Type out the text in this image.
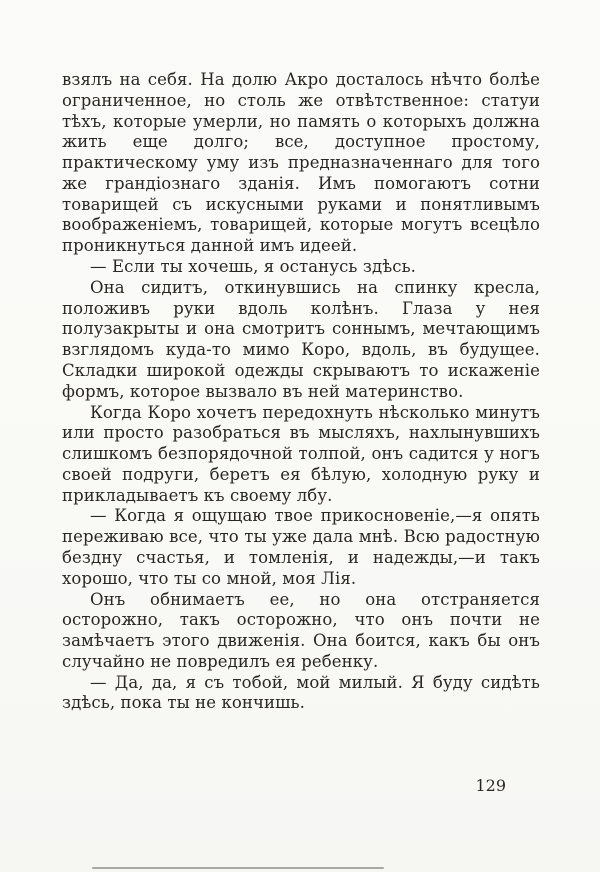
взялъ на себя. На долю Акро досталось нѣчто болѣе ограниченное, но столь же отвѣтственное: статуи тѣхъ, которые умерли, но память о которыхъ должна жить еще долго; все, доступное простому, практическому уму изъ предназначеннаго для того же грандіознаго зданія. Имъ помогаютъ сотни товарищей съ искусными руками и понятливымъ воображеніемъ, товарищей, которые могутъ всецѣло проникнуться данной имъ идеей.

— Если ты хочешь, я останусь здѣсь.

Она сидитъ, откинувшись на спинку кресла, положивъ руки вдоль колѣнъ. Глаза у нея полузакрыты и она смотритъ соннымъ, мечтающимъ взглядомъ куда-то мимо Коро, вдоль, въ будущее. Складки широкой одежды скрываютъ то искаженіе формъ, которое вызвало въ ней материнство.

Когда Коро хочетъ передохнуть нѣсколько минутъ или просто разобраться въ мысляхъ, нахлынувшихъ слишкомъ безпорядочной толпой, онъ садится у ногъ своей подруги, беретъ ея бѣлую, холодную руку и прикладываетъ къ своему лбу.

— Когда я ощущаю твое прикосновеніе,—я опять переживаю все, что ты уже дала мнѣ. Всю радостную бездну счастья, и томленія, и надежды,—и такъ хорошо, что ты со мной, моя Лія.

Онъ обнимаетъ ее, но она отстраняется осторожно, такъ осторожно, что онъ почти не замѣчаетъ этого движенія. Она боится, какъ бы онъ случайно не повредилъ ея ребенку.

— Да, да, я съ тобой, мой милый. Я буду сидѣть здѣсь, пока ты не кончишь.

129
